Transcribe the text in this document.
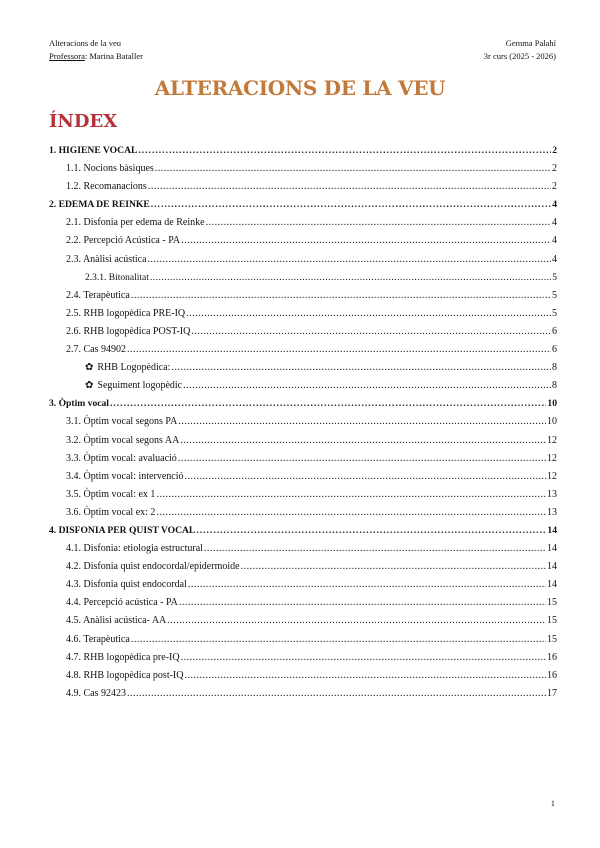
Alteracions de la veu
Professora: Marina Bataller
Gemma Palahí
3r curs (2025 - 2026)
ALTERACIONS DE LA VEU
ÍNDEX
1. HIGIENE VOCAL .....	2
1.1. Nocions bàsiques .....	2
1.2. Recomanacions .....	2
2. EDEMA DE REINKE .....	4
2.1. Disfonia per edema de Reinke .....	4
2.2. Percepció Acústica - PA .....	4
2.3. Anàlisi acústica .....	4
2.3.1. Bitonalitat .....	5
2.4. Terapèutica .....	5
2.5. RHB logopèdica PRE-IQ .....	5
2.6. RHB logopèdica POST-IQ .....	6
2.7. Cas 94902 .....	6
✿ RHB Logopèdica: .....	8
✿ Seguiment logopèdic .....	8
3. Òptim vocal .....	10
3.1. Òptim vocal segons PA .....	10
3.2. Òptim vocal segons AA .....	12
3.3. Òptim vocal: avaluació .....	12
3.4. Òptim vocal: intervenció .....	12
3.5. Òptim vocal: ex 1 .....	13
3.6. Òptim vocal ex: 2 .....	13
4. DISFONIA PER QUIST VOCAL .....	14
4.1. Disfonia: etiologia estructural .....	14
4.2. Disfonia quist endocordal/epidermoide .....	14
4.3. Disfonia quist endocordal .....	14
4.4. Percepció acústica - PA .....	15
4.5. Anàlisi acústica- AA .....	15
4.6. Terapèutica .....	15
4.7. RHB logopèdica pre-IQ .....	16
4.8. RHB logopèdica post-IQ .....	16
4.9. Cas 92423 .....	17
1
